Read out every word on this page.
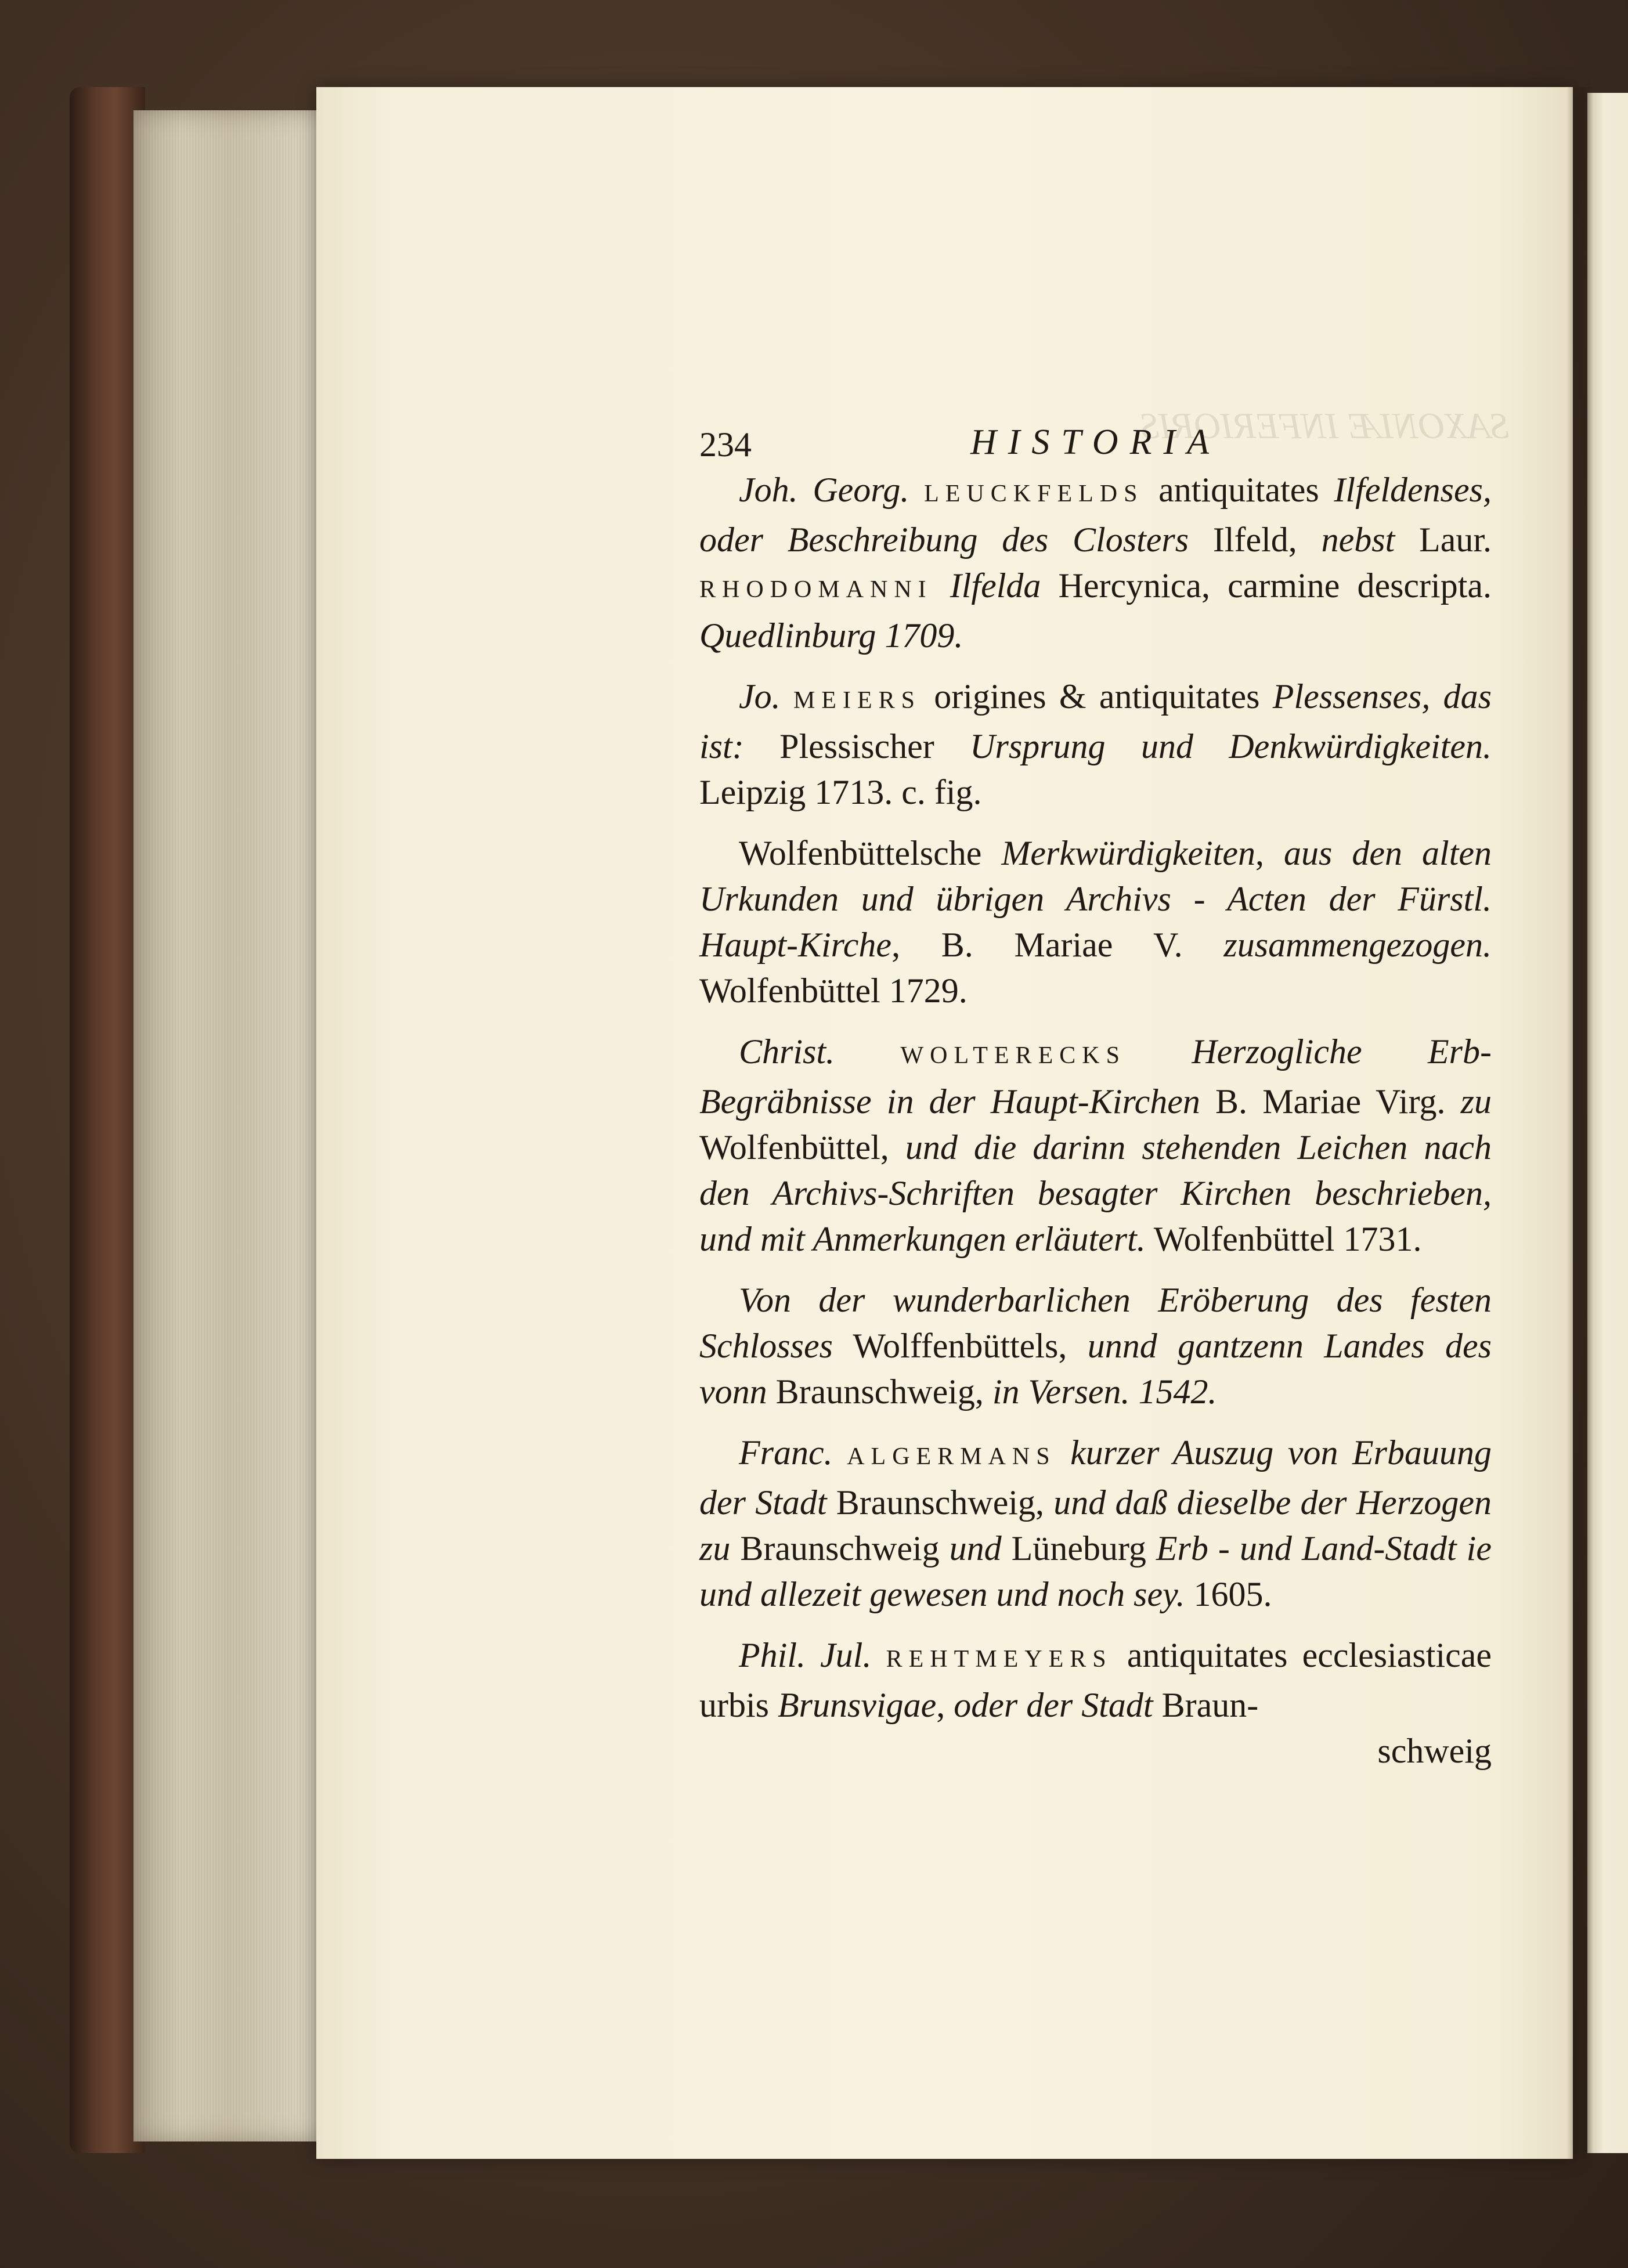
234	HISTORIA

Joh. Georg. LEUCKFELDS antiquitates Ilfeldenses, oder Beschreibung des Closters Ilfeld, nebst Laur. RHODOMANNI Ilfelda Hercynica, carmine descripta. Quedlinburg 1709.

Jo. MEIERS origines & antiquitates Plessenses, das ist: Plessischer Ursprung und Denkwürdigkeiten. Leipzig 1713. c. fig.

Wolfenbüttelsche Merkwürdigkeiten, aus den alten Urkunden und übrigen Archivs - Acten der Fürstl. Haupt-Kirche, B. Mariae V. zusammengezogen. Wolfenbüttel 1729.

Christ.	WOLTERECKS Herzogliche Erb-Begräbnisse in der Haupt-Kirchen B. Mariae Virg. zu Wolfenbüttel, und die darinn stehenden Leichen nach den Archivs-Schriften besagter Kirchen beschrieben, und mit Anmerkungen erläutert. Wolfenbüttel 1731.

Von der wunderbarlichen Eröberung des festen Schlosses Wolffenbüttels, unnd gantzenn Landes des vonn Braunschweig, in Versen. 1542.

Franc. ALGERMANS kurzer Auszug von Erbauung der Stadt Braunschweig, und daß dieselbe der Herzogen zu Braunschweig und Lüneburg Erb - und Land-Stadt ie und allezeit gewesen und noch sey. 1605.

Phil. Jul. REHTMEYERS antiquitates ecclesiasticae urbis Brunsvigae, oder der Stadt Braun-

schweig
